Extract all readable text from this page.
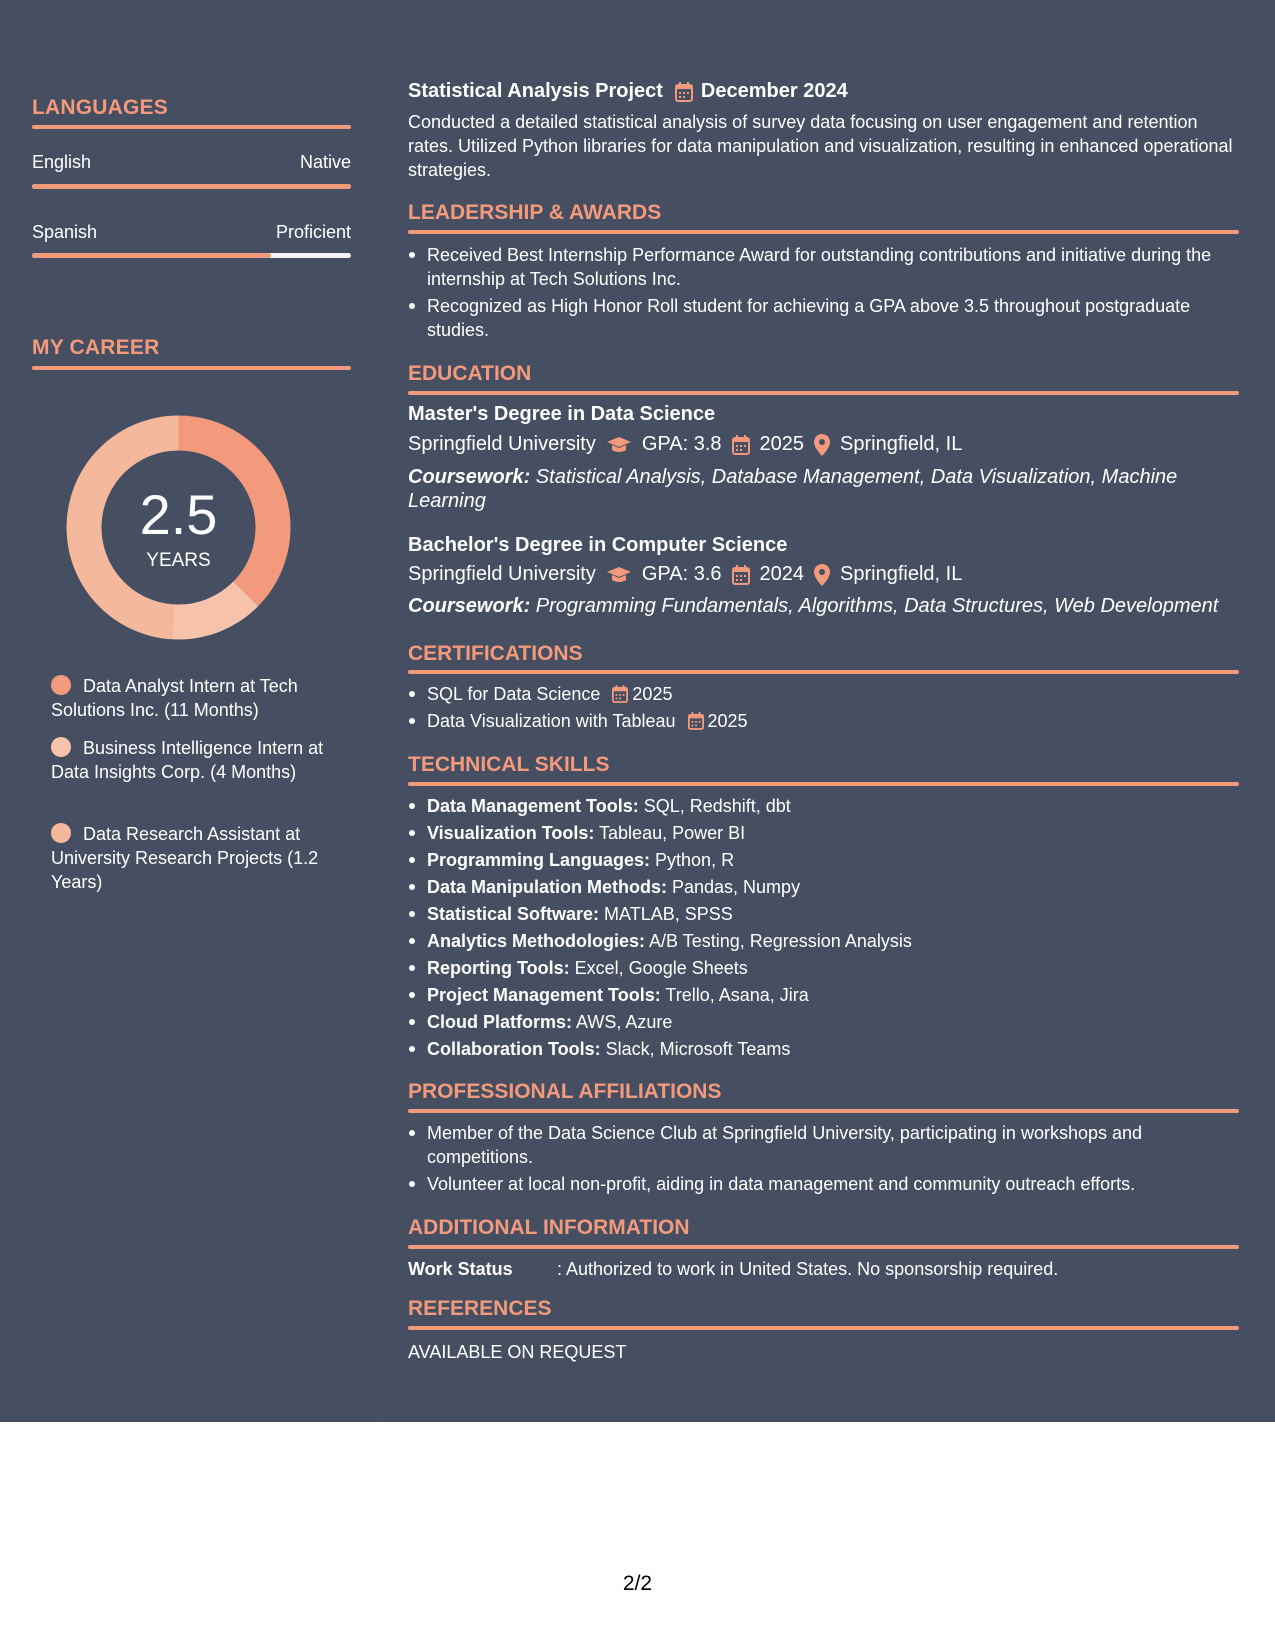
LANGUAGES
English	Native
Spanish	Proficient
MY CAREER
2.5
YEARS
Data Analyst Intern at Tech Solutions Inc. (11 Months)
Business Intelligence Intern at Data Insights Corp. (4 Months)
Data Research Assistant at University Research Projects (1.2 Years)
Statistical Analysis Project December 2024
Conducted a detailed statistical analysis of survey data focusing on user engagement and retention rates. Utilized Python libraries for data manipulation and visualization, resulting in enhanced operational strategies.
LEADERSHIP & AWARDS
Received Best Internship Performance Award for outstanding contributions and initiative during the internship at Tech Solutions Inc.
Recognized as High Honor Roll student for achieving a GPA above 3.5 throughout postgraduate studies.
EDUCATION
Master's Degree in Data Science
Springfield University GPA: 3.8 2025 Springfield, IL
Coursework: Statistical Analysis, Database Management, Data Visualization, Machine Learning
Bachelor's Degree in Computer Science
Springfield University GPA: 3.6 2024 Springfield, IL
Coursework: Programming Fundamentals, Algorithms, Data Structures, Web Development
CERTIFICATIONS
SQL for Data Science 2025
Data Visualization with Tableau 2025
TECHNICAL SKILLS
Data Management Tools: SQL, Redshift, dbt
Visualization Tools: Tableau, Power BI
Programming Languages: Python, R
Data Manipulation Methods: Pandas, Numpy
Statistical Software: MATLAB, SPSS
Analytics Methodologies: A/B Testing, Regression Analysis
Reporting Tools: Excel, Google Sheets
Project Management Tools: Trello, Asana, Jira
Cloud Platforms: AWS, Azure
Collaboration Tools: Slack, Microsoft Teams
PROFESSIONAL AFFILIATIONS
Member of the Data Science Club at Springfield University, participating in workshops and competitions.
Volunteer at local non-profit, aiding in data management and community outreach efforts.
ADDITIONAL INFORMATION
Work Status : Authorized to work in United States. No sponsorship required.
REFERENCES
AVAILABLE ON REQUEST
2/2
